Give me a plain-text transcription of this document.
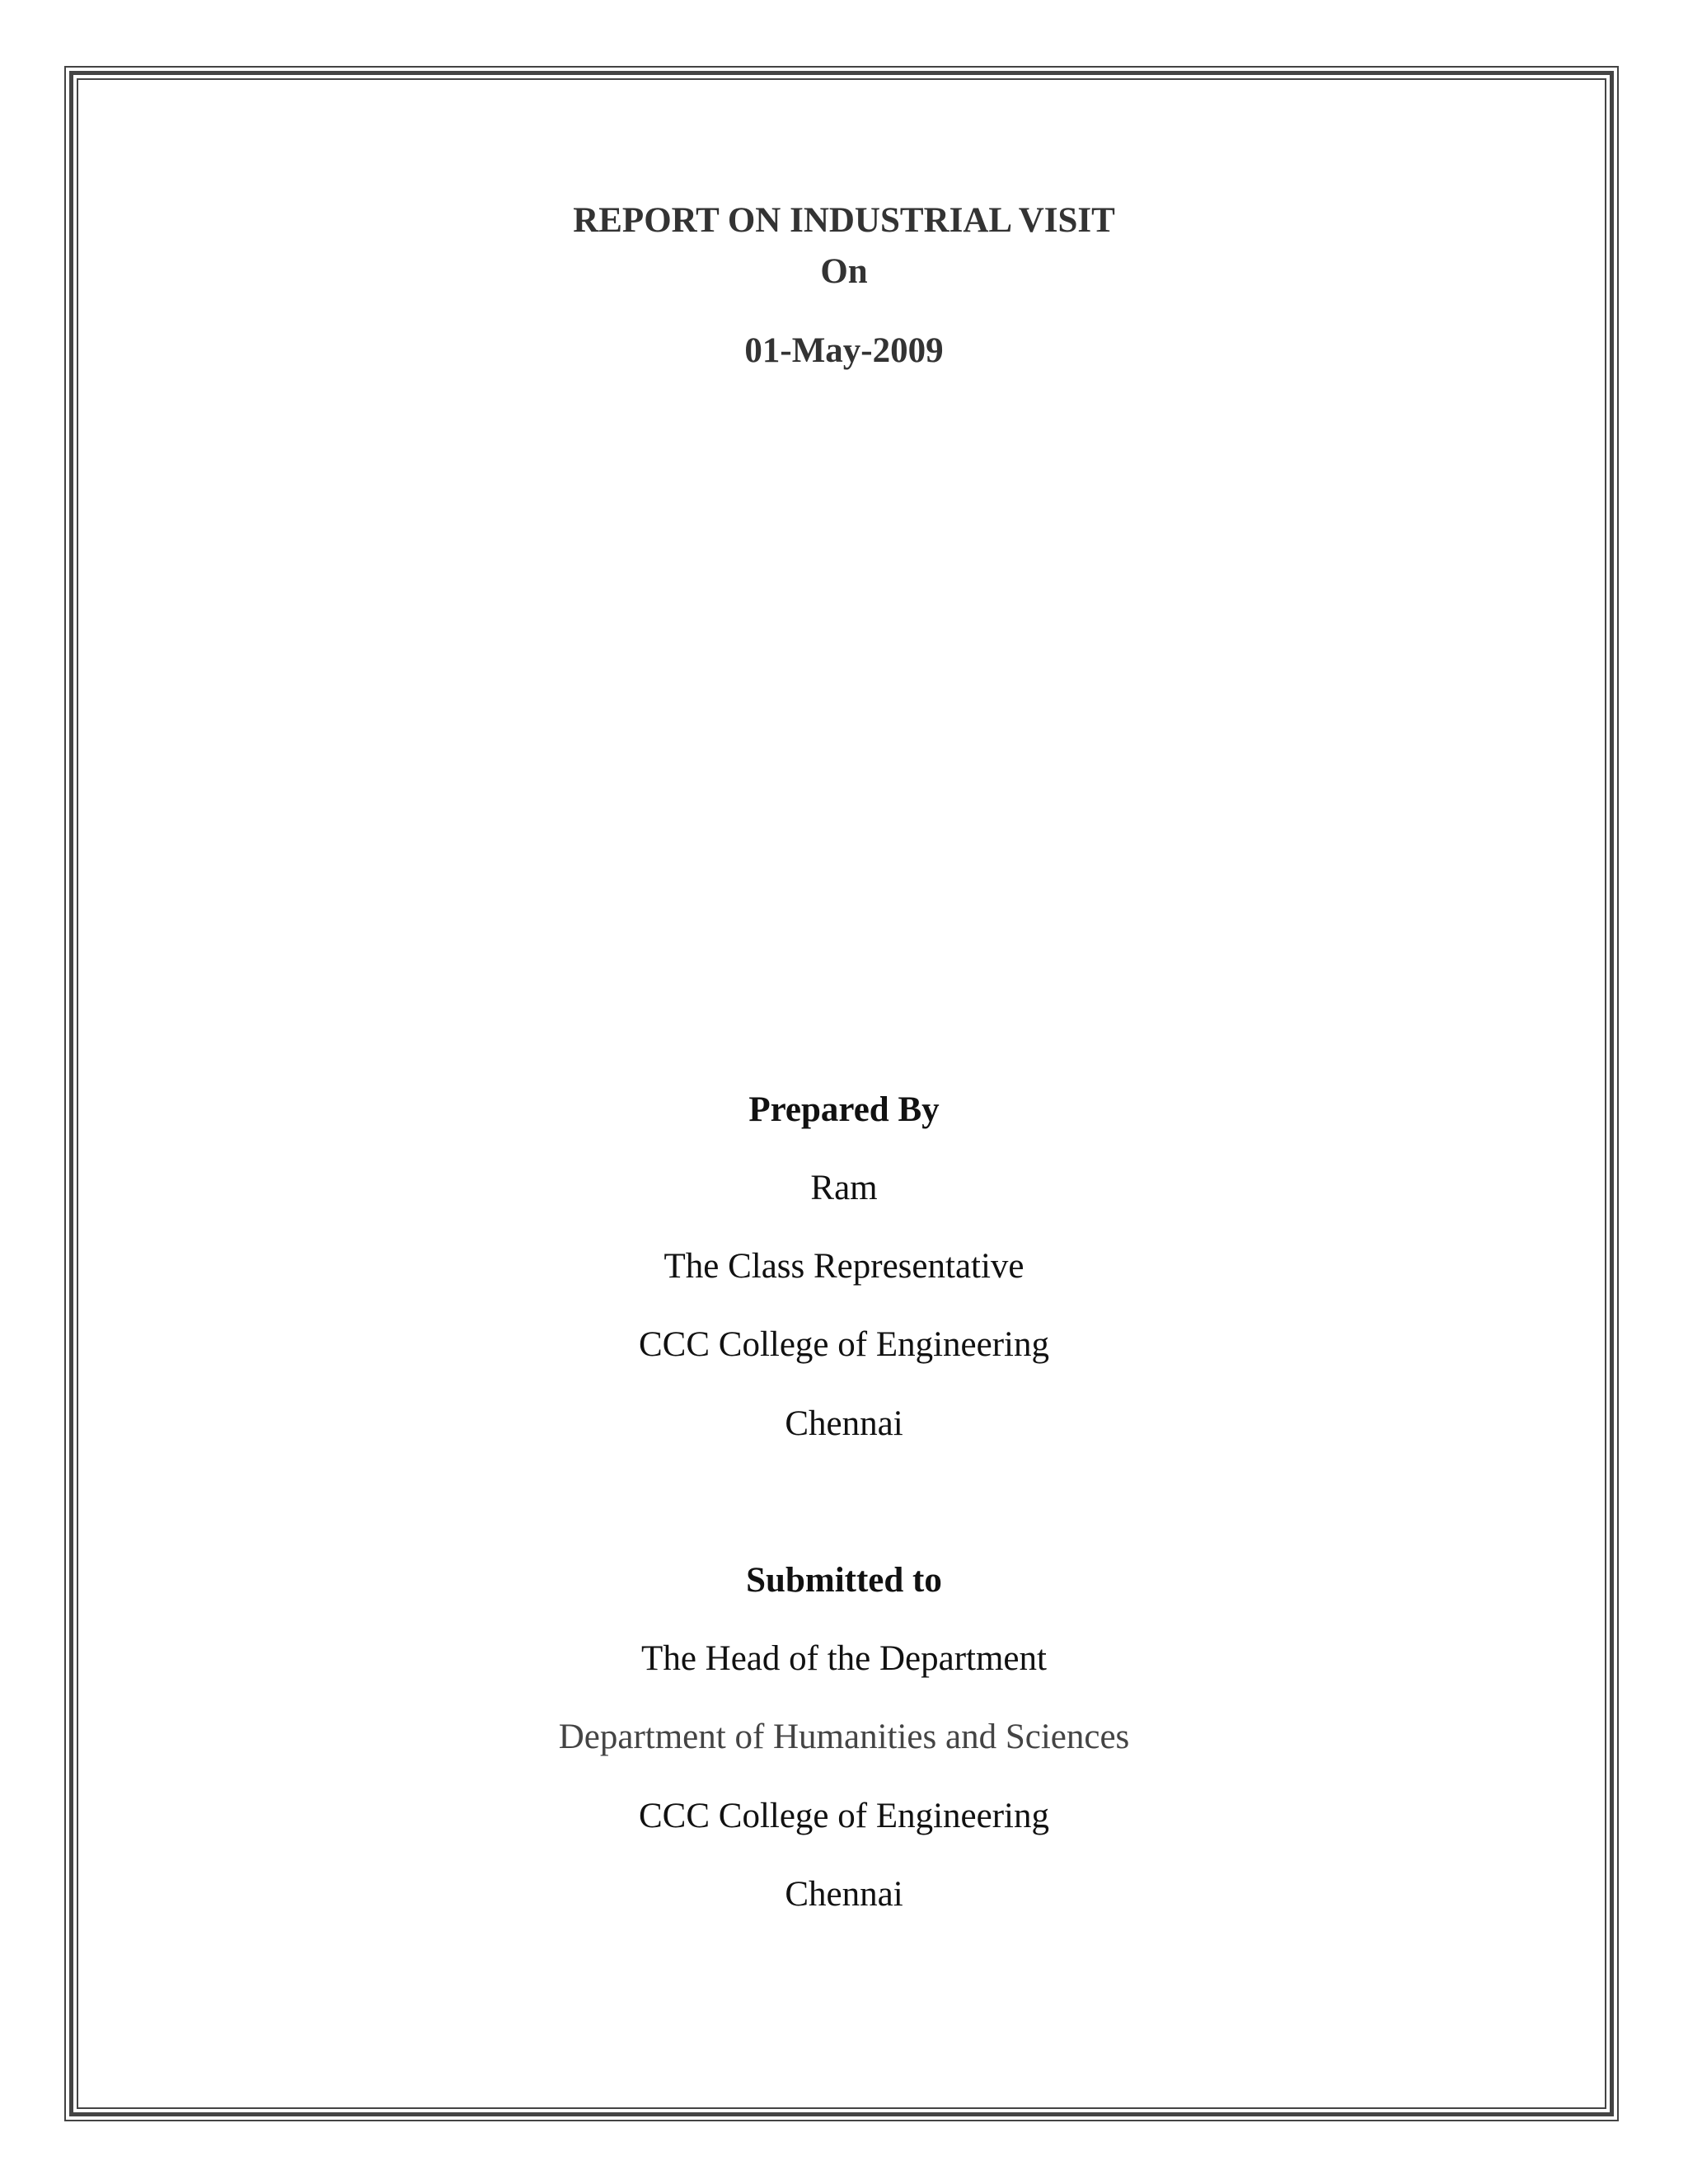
REPORT ON INDUSTRIAL VISIT
On
01-May-2009
Prepared By
Ram
The Class Representative
CCC College of Engineering
Chennai
Submitted to
The Head of the Department
Department of Humanities and Sciences
CCC College of Engineering
Chennai
